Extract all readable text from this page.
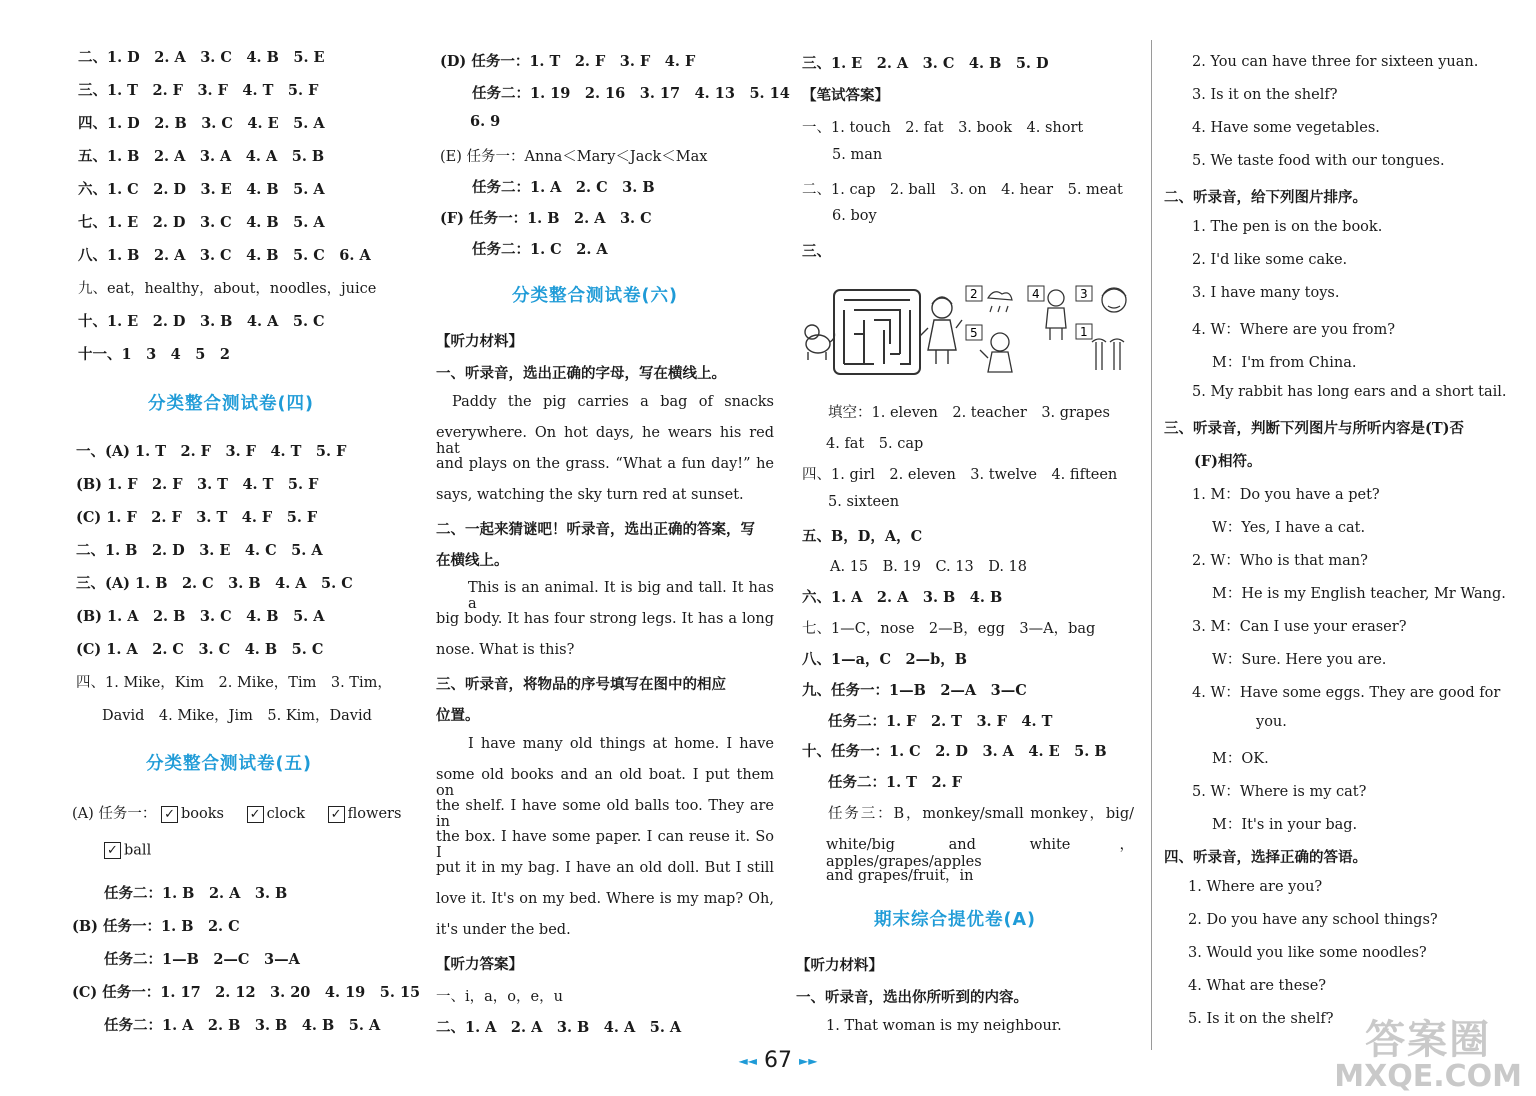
二、1. D　2. A　3. C　4. B　5. E
三、1. T　2. F　3. F　4. T　5. F
四、1. D　2. B　3. C　4. E　5. A
五、1. B　2. A　3. A　4. A　5. B
六、1. C　2. D　3. E　4. B　5. A
七、1. E　2. D　3. C　4. B　5. A
八、1. B　2. A　3. C　4. B　5. C　6. A
九、eat，healthy，about，noodles，juice
十、1. E　2. D　3. B　4. A　5. C
十一、1　3　4　5　2
分类整合测试卷(四)
一、(A) 1. T　2. F　3. F　4. T　5. F
(B) 1. F　2. F　3. T　4. T　5. F
(C) 1. F　2. F　3. T　4. F　5. F
二、1. B　2. D　3. E　4. C　5. A
三、(A) 1. B　2. C　3. B　4. A　5. C
(B) 1. A　2. B　3. C　4. B　5. A
(C) 1. A　2. C　3. C　4. B　5. C
四、1. Mike，Kim　2. Mike，Tim　3. Tim，
David　4. Mike，Jim　5. Kim，David
分类整合测试卷(五)
(A) 任务一： ✓ books ✓ clock ✓ flowers
✓ ball
任务二：1. B　2. A　3. B
(B) 任务一：1. B　2. C
任务二：1—B　2—C　3—A
(C) 任务一：1. 17　2. 12　3. 20　4. 19　5. 15
任务二：1. A　2. B　3. B　4. B　5. A
(D) 任务一：1. T　2. F　3. F　4. F
任务二：1. 19　2. 16　3. 17　4. 13　5. 14
6. 9
(E) 任务一：Anna＜Mary＜Jack＜Max
任务二：1. A　2. C　3. B
(F) 任务一：1. B　2. A　3. C
任务二：1. C　2. A
分类整合测试卷(六)
【听力材料】
一、听录音，选出正确的字母，写在横线上。
Paddy the pig carries a bag of snacks
everywhere. On hot days, he wears his red hat
and plays on the grass. “What a fun day!” he
says, watching the sky turn red at sunset.
二、一起来猜谜吧！听录音，选出正确的答案，写
在横线上。
This is an animal. It is big and tall. It has a
big body. It has four strong legs. It has a long
nose. What is this?
三、听录音，将物品的序号填写在图中的相应
位置。
I have many old things at home. I have
some old books and an old boat. I put them on
the shelf. I have some old balls too. They are in
the box. I have some paper. I can reuse it. So I
put it in my bag. I have an old doll. But I still
love it. It's on my bed. Where is my map? Oh,
it's under the bed.
【听力答案】
一、i，a，o，e，u
二、1. A　2. A　3. B　4. A　5. A
三、1. E　2. A　3. C　4. B　5. D
【笔试答案】
一、1. touch　2. fat　3. book　4. short
5. man
二、1. cap　2. ball　3. on　4. hear　5. meat
6. boy
三、
填空：1. eleven　2. teacher　3. grapes
4. fat　5. cap
四、1. girl　2. eleven　3. twelve　4. fifteen
5. sixteen
五、B，D，A，C
A. 15　B. 19　C. 13　D. 18
六、1. A　2. A　3. B　4. B
七、1—C，nose　2—B，egg　3—A，bag
八、1—a，C　2—b，B
九、任务一：1—B　2—A　3—C
任务二：1. F　2. T　3. F　4. T
十、任务一：1. C　2. D　3. A　4. E　5. B
任务二：1. T　2. F
任务三：B，monkey/small monkey，big/
white/big and white，apples/grapes/apples
and grapes/fruit，in
2	4	3
5	1
期末综合提优卷(A)
【听力材料】
一、听录音，选出你所听到的内容。
1. That woman is my neighbour.
2. You can have three for sixteen yuan.
3. Is it on the shelf?
4. Have some vegetables.
5. We taste food with our tongues.
二、听录音，给下列图片排序。
1. The pen is on the book.
2. I'd like some cake.
3. I have many toys.
4. W：Where are you from?
M：I'm from China.
5. My rabbit has long ears and a short tail.
三、听录音，判断下列图片与所听内容是(T)否
(F)相符。
1. M：Do you have a pet?
W：Yes, I have a cat.
2. W：Who is that man?
M：He is my English teacher, Mr Wang.
3. M：Can I use your eraser?
W：Sure. Here you are.
4. W：Have some eggs. They are good for
you.
M：OK.
5. W：Where is my cat?
M：It's in your bag.
四、听录音，选择正确的答语。
1. Where are you?
2. Do you have any school things?
3. Would you like some noodles?
4. What are these?
5. Is it on the shelf?
◄◄ 67 ►►	答案圈
MXQE.COM
